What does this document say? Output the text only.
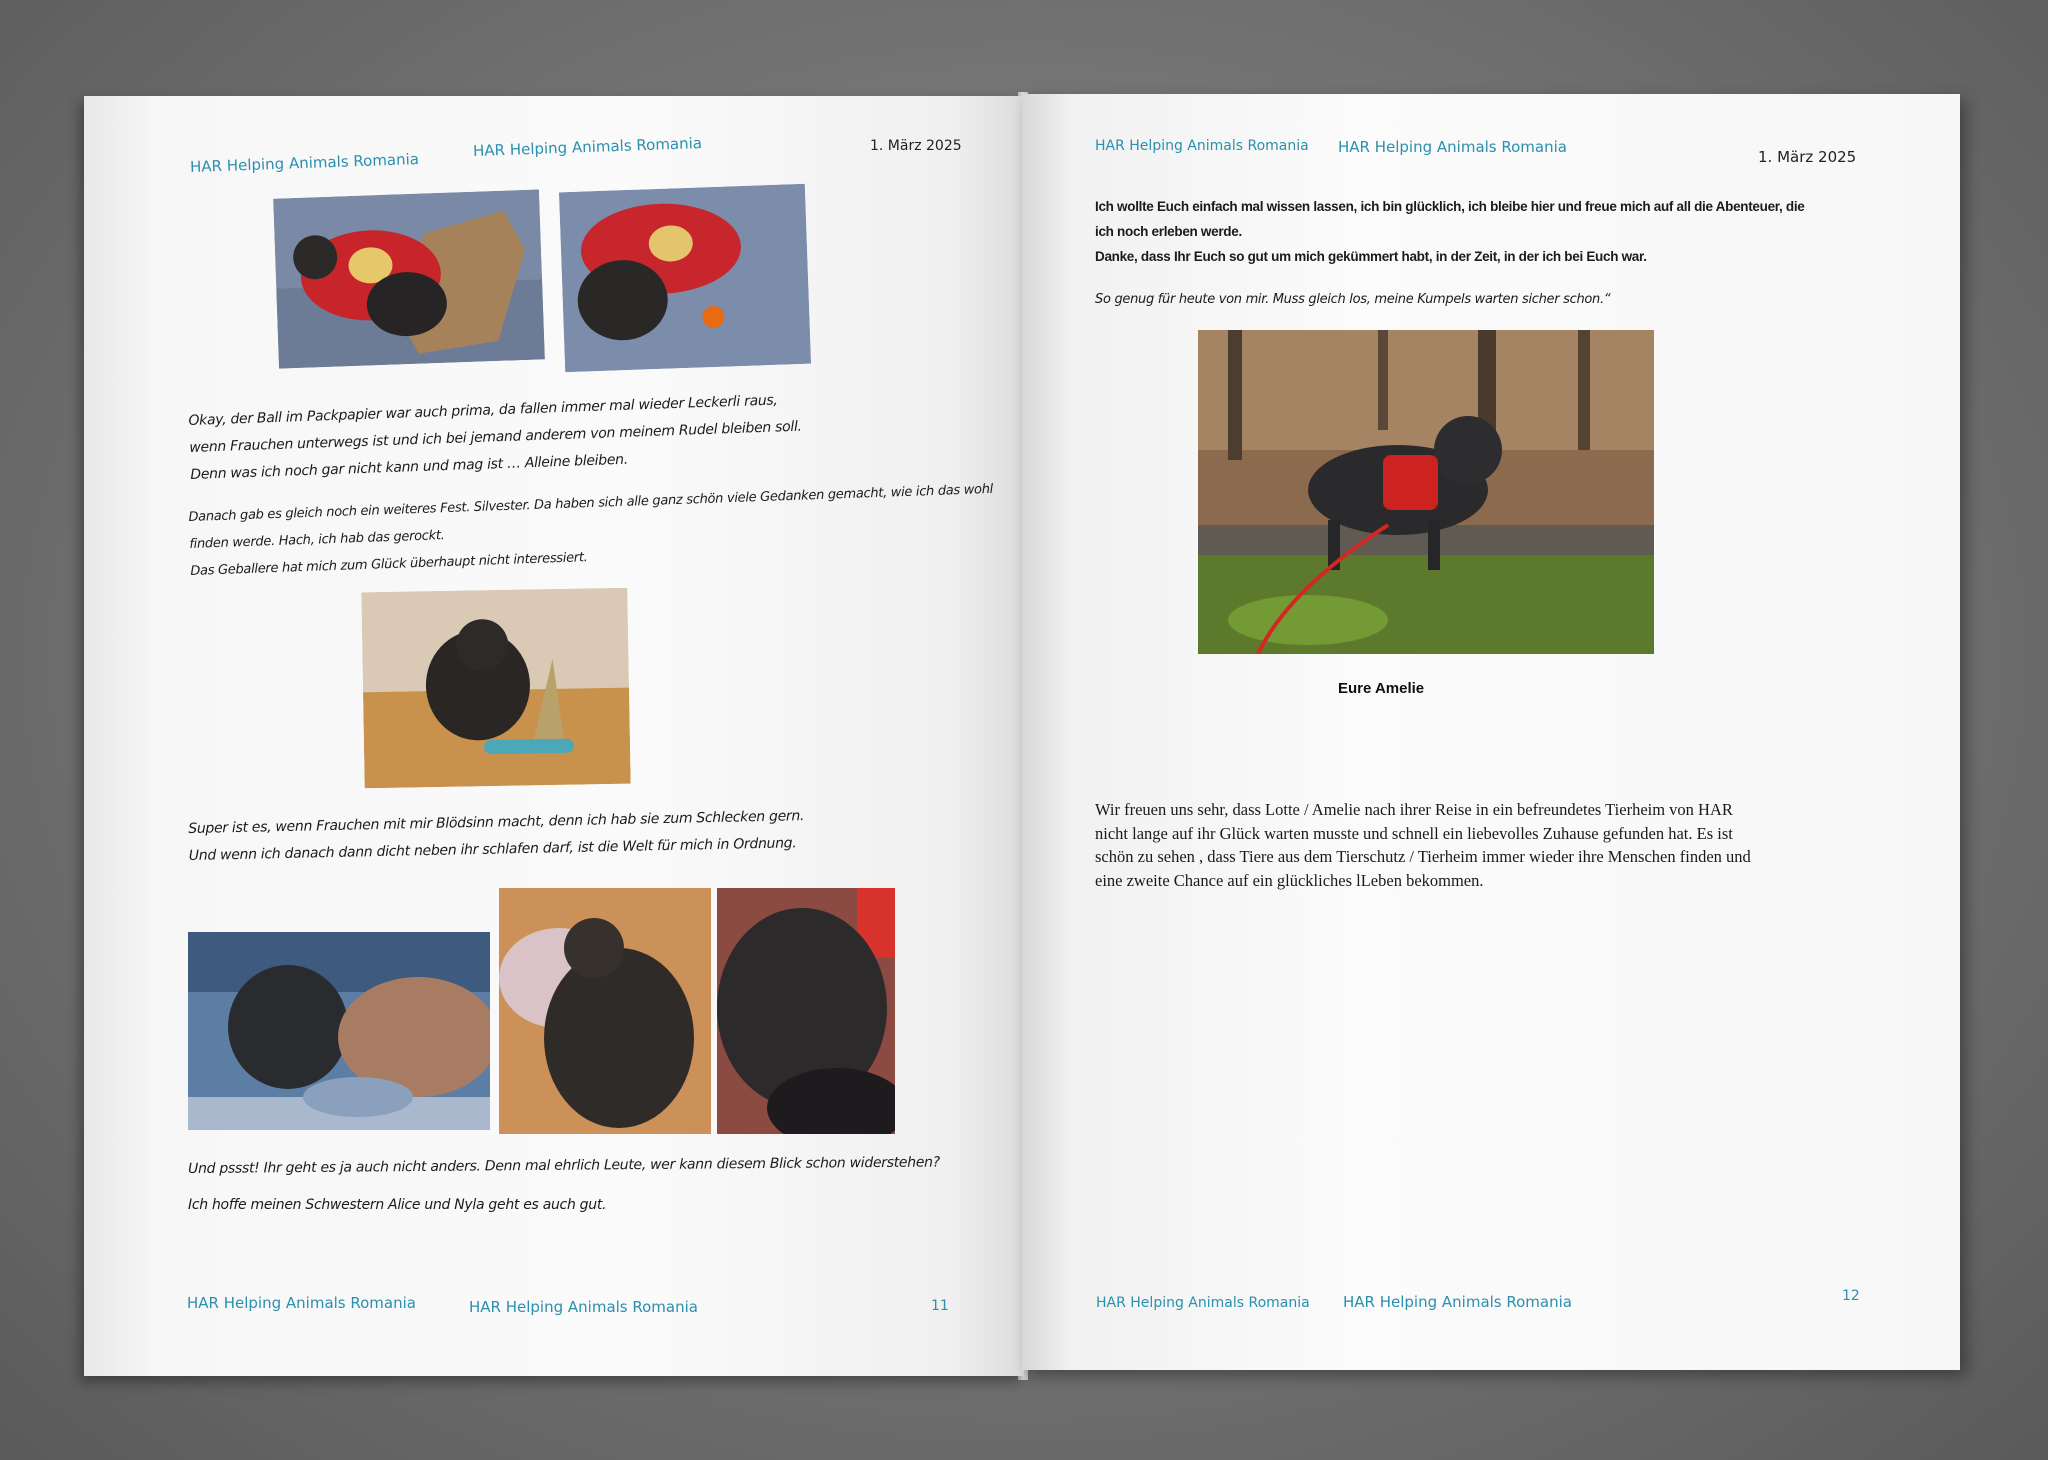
HAR Helping Animals Romania
HAR Helping Animals Romania	1. März 2025

Okay, der Ball im Packpapier war auch prima, da fallen immer mal wieder Leckerli raus,

wenn Frauchen unterwegs ist und ich bei jemand anderem von meinem Rudel bleiben soll.

Denn was ich noch gar nicht kann und mag ist … Alleine bleiben.

Danach gab es gleich noch ein weiteres Fest. Silvester. Da haben sich alle ganz schön viele Gedanken gemacht, wie ich das wohl

finden werde. Hach, ich hab das gerockt.

Das Geballere hat mich zum Glück überhaupt nicht interessiert.

Super ist es, wenn Frauchen mit mir Blödsinn macht, denn ich hab sie zum Schlecken gern.

Und wenn ich danach dann dicht neben ihr schlafen darf, ist die Welt für mich in Ordnung.

Und pssst! Ihr geht es ja auch nicht anders. Denn mal ehrlich Leute, wer kann diesem Blick schon widerstehen?
Ich hoffe meinen Schwestern Alice und Nyla geht es auch gut.
HAR Helping Animals Romania	HAR Helping Animals Romania	11
HAR Helping Animals Romania HAR Helping Animals Romania
1. März 2025

Ich wollte Euch einfach mal wissen lassen, ich bin glücklich, ich bleibe hier und freue mich auf all die Abenteuer, die

ich noch erleben werde.

Danke, dass Ihr Euch so gut um mich gekümmert habt, in der Zeit, in der ich bei Euch war.

So genug für heute von mir. Muss gleich los, meine Kumpels warten sicher schon.“
Eure Amelie
Wir freuen uns sehr, dass Lotte / Amelie nach ihrer Reise in ein befreundetes Tierheim von HAR
nicht lange auf ihr Glück warten musste und schnell ein liebevolles Zuhause gefunden hat. Es ist
schön zu sehen , dass Tiere aus dem Tierschutz / Tierheim immer wieder ihre Menschen finden und
eine zweite Chance auf ein glückliches lLeben bekommen.
HAR Helping Animals Romania HAR Helping Animals Romania	12
